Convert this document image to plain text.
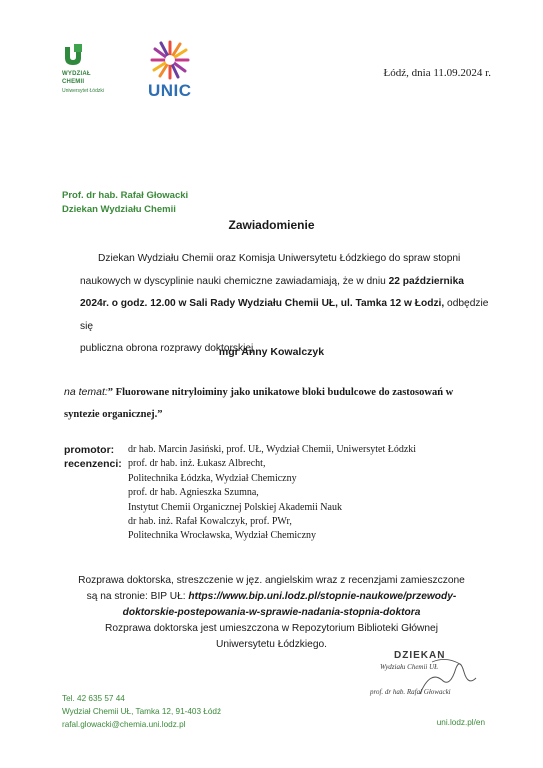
WYDZIAŁ
CHEMII
Uniwersytet Łódzki	UNIC
Łódź, dnia 11.09.2024 r.
Prof. dr hab. Rafał Głowacki
Dziekan Wydziału Chemii
Zawiadomienie
Dziekan Wydziału Chemii oraz Komisja Uniwersytetu Łódzkiego do spraw stopni
naukowych w dyscyplinie nauki chemiczne zawiadamiają, że w dniu 22 października
2024r. o godz. 12.00 w Sali Rady Wydziału Chemii UŁ, ul. Tamka 12 w Łodzi, odbędzie się
publiczna obrona rozprawy doktorskiej
mgr Anny Kowalczyk
na temat:” Fluorowane nitryloiminy jako unikatowe bloki budulcowe do zastosowań w
syntezie organicznej.”
promotor:	dr hab. Marcin Jasiński, prof. UŁ, Wydział Chemii, Uniwersytet Łódzki
recenzenci: prof. dr hab. inż. Łukasz Albrecht,
Politechnika Łódzka, Wydział Chemiczny
prof. dr hab. Agnieszka Szumna,
Instytut Chemii Organicznej Polskiej Akademii Nauk
dr hab. inż. Rafał Kowalczyk, prof. PWr,
Politechnika Wrocławska, Wydział Chemiczny
Rozprawa doktorska, streszczenie w jęz. angielskim wraz z recenzjami zamieszczone
są na stronie: BIP UŁ: https://www.bip.uni.lodz.pl/stopnie-naukowe/przewody-
doktorskie-postepowania-w-sprawie-nadania-stopnia-doktora
Rozprawa doktorska jest umieszczona w Repozytorium Biblioteki Głównej
Uniwersytetu Łódzkiego.
DZIEKAN
Wydziału Chemii UŁ
prof. dr hab. Rafał Głowacki
Tel. 42 635 57 44
Wydział Chemii UŁ, Tamka 12, 91-403 Łódź
rafal.glowacki@chemia.uni.lodz.pl	uni.lodz.pl/en
